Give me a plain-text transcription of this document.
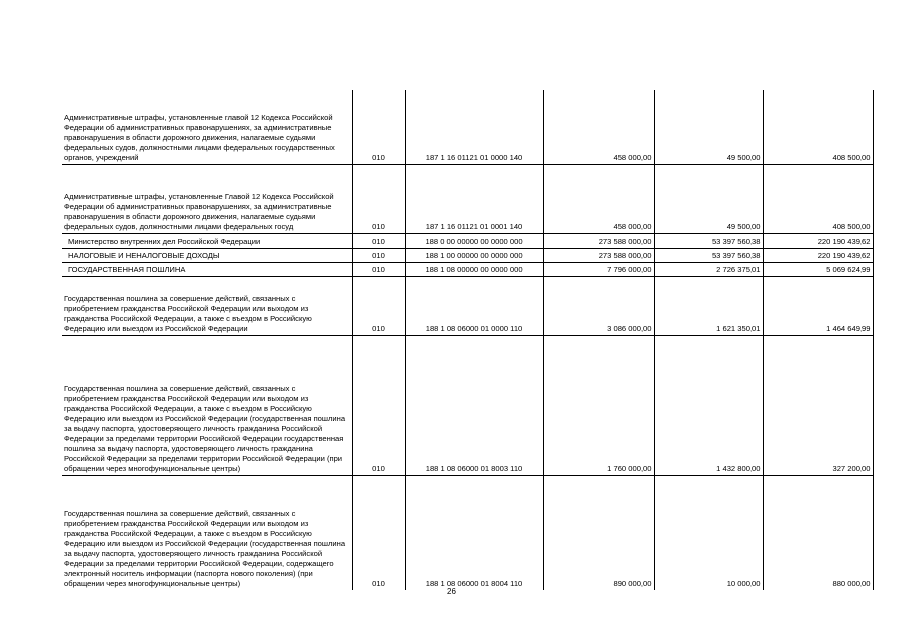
Административные штрафы, установленные главой 12 Кодекса Российской Федерации об административных правонарушениях, за административные правонарушения в области дорожного движения, налагаемые судьями федеральных судов, должностными лицами федеральных государственных органов, учреждений	010	187 1 16 01121 01 0000 140	458 000,00	49 500,00	408 500,00
Административные штрафы, установленные Главой 12 Кодекса Российской Федерации об административных правонарушениях, за административные правонарушения в области дорожного движения, налагаемые судьями федеральных судов, должностными лицами федеральных госуд	010	187 1 16 01121 01 0001 140	458 000,00	49 500,00	408 500,00
Министерство внутренних дел Российской Федерации	010	188 0 00 00000 00 0000 000	273 588 000,00	53 397 560,38	220 190 439,62
НАЛОГОВЫЕ И НЕНАЛОГОВЫЕ ДОХОДЫ	010	188 1 00 00000 00 0000 000	273 588 000,00	53 397 560,38	220 190 439,62
ГОСУДАРСТВЕННАЯ ПОШЛИНА	010	188 1 08 00000 00 0000 000	7 796 000,00	2 726 375,01	5 069 624,99
Государственная пошлина за совершение действий, связанных с приобретением гражданства Российской Федерации или выходом из гражданства Российской Федерации, а также с въездом в Российскую Федерацию или выездом из Российской Федерации	010	188 1 08 06000 01 0000 110	3 086 000,00	1 621 350,01	1 464 649,99
Государственная пошлина за совершение действий, связанных с приобретением гражданства Российской Федерации или выходом из гражданства Российской Федерации, а также с въездом в Российскую Федерацию или выездом из Российской Федерации (государственная пошлина за выдачу паспорта, удостоверяющего личность гражданина Российской Федерации за пределами территории Российской Федерации государственная пошлина за выдачу паспорта, удостоверяющего личность гражданина Российской Федерации за пределами территории Российской Федерации (при обращении через многофункциональные центры)	010	188 1 08 06000 01 8003 110	1 760 000,00	1 432 800,00	327 200,00
Государственная пошлина за совершение действий, связанных с приобретением гражданства Российской Федерации или выходом из гражданства Российской Федерации, а также с въездом в Российскую Федерацию или выездом из Российской Федерации (государственная пошлина за выдачу паспорта, удостоверяющего личность гражданина Российской Федерации за пределами территории Российской Федерации, содержащего электронный носитель информации (паспорта нового поколения) (при обращении через многофункциональные центры)	010	188 1 08 06000 01 8004 110	890 000,00	10 000,00	880 000,00
26
